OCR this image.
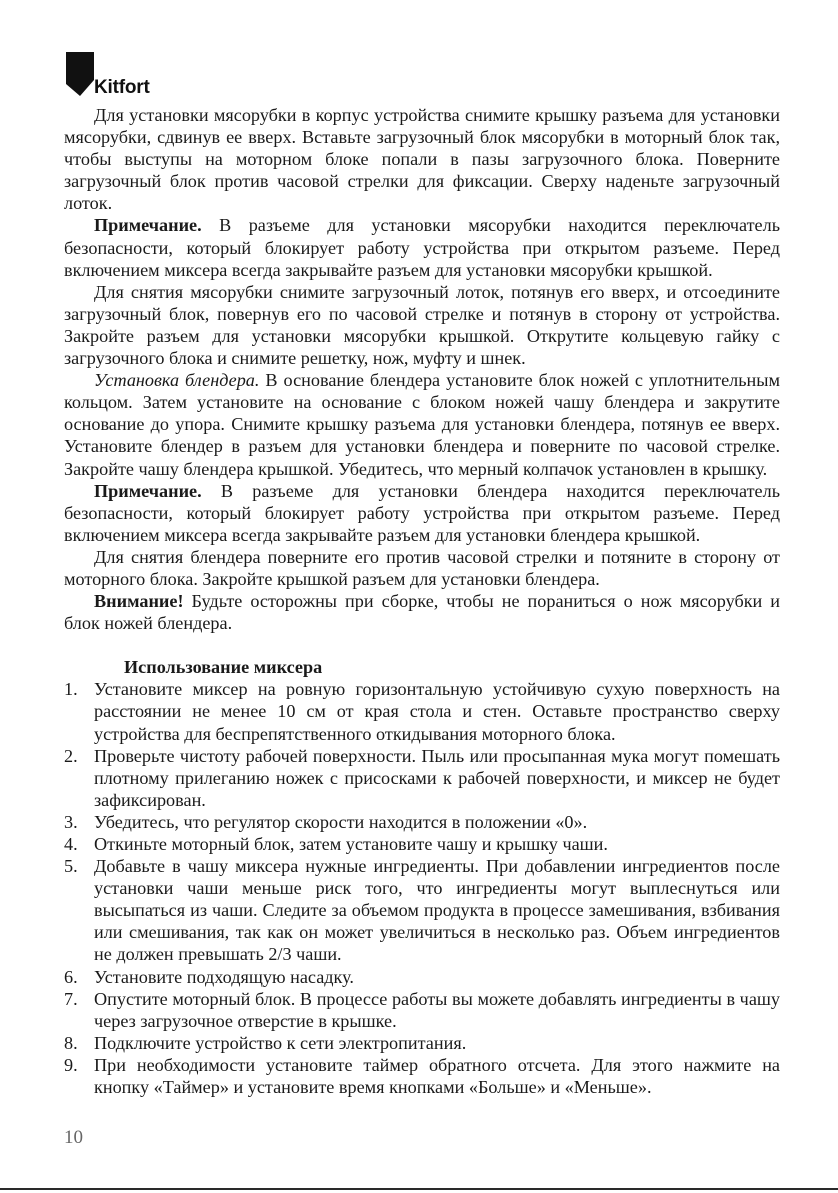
Kitfort

Для установки мясорубки в корпус устройства снимите крышку разъема для установки мясорубки, сдвинув ее вверх. Вставьте загрузочный блок мясорубки в моторный блок так, чтобы выступы на моторном блоке попали в пазы загрузочного блока. Поверните загрузочный блок против часовой стрелки для фиксации. Сверху наденьте загрузочный лоток.

Примечание. В разъеме для установки мясорубки находится переключатель безопасности, который блокирует работу устройства при открытом разъеме. Перед включением миксера всегда закрывайте разъем для установки мясорубки крышкой.

Для снятия мясорубки снимите загрузочный лоток, потянув его вверх, и отсоедините загрузочный блок, повернув его по часовой стрелке и потянув в сторону от устройства. Закройте разъем для установки мясорубки крышкой. Открутите кольцевую гайку с загрузочного блока и снимите решетку, нож, муфту и шнек.

Установка блендера. В основание блендера установите блок ножей с уплотнительным кольцом. Затем установите на основание с блоком ножей чашу блендера и закрутите основание до упора. Снимите крышку разъема для установки блендера, потянув ее вверх. Установите блендер в разъем для установки блендера и поверните по часовой стрелке. Закройте чашу блендера крышкой. Убедитесь, что мерный колпачок установлен в крышку.

Примечание. В разъеме для установки блендера находится переключатель безопасности, который блокирует работу устройства при открытом разъеме. Перед включением миксера всегда закрывайте разъем для установки блендера крышкой.

Для снятия блендера поверните его против часовой стрелки и потяните в сторону от моторного блока. Закройте крышкой разъем для установки блендера.

Внимание! Будьте осторожны при сборке, чтобы не пораниться о нож мясорубки и блок ножей блендера.

Использование миксера

1. Установите миксер на ровную горизонтальную устойчивую сухую поверхность на расстоянии не менее 10 см от края стола и стен. Оставьте пространство сверху устройства для беспрепятственного откидывания моторного блока.
2. Проверьте чистоту рабочей поверхности. Пыль или просыпанная мука могут помешать плотному прилеганию ножек с присосками к рабочей поверхности, и миксер не будет зафиксирован.
3. Убедитесь, что регулятор скорости находится в положении «0».
4. Откиньте моторный блок, затем установите чашу и крышку чаши.
5. Добавьте в чашу миксера нужные ингредиенты. При добавлении ингредиентов после установки чаши меньше риск того, что ингредиенты могут выплеснуться или высыпаться из чаши. Следите за объемом продукта в процессе замешивания, взбивания или смешивания, так как он может увеличиться в несколько раз. Объем ингредиентов не должен превышать 2/3 чаши.
6. Установите подходящую насадку.
7. Опустите моторный блок. В процессе работы вы можете добавлять ингредиенты в чашу через загрузочное отверстие в крышке.
8. Подключите устройство к сети электропитания.
9. При необходимости установите таймер обратного отсчета. Для этого нажмите на кнопку «Таймер» и установите время кнопками «Больше» и «Меньше».
10
